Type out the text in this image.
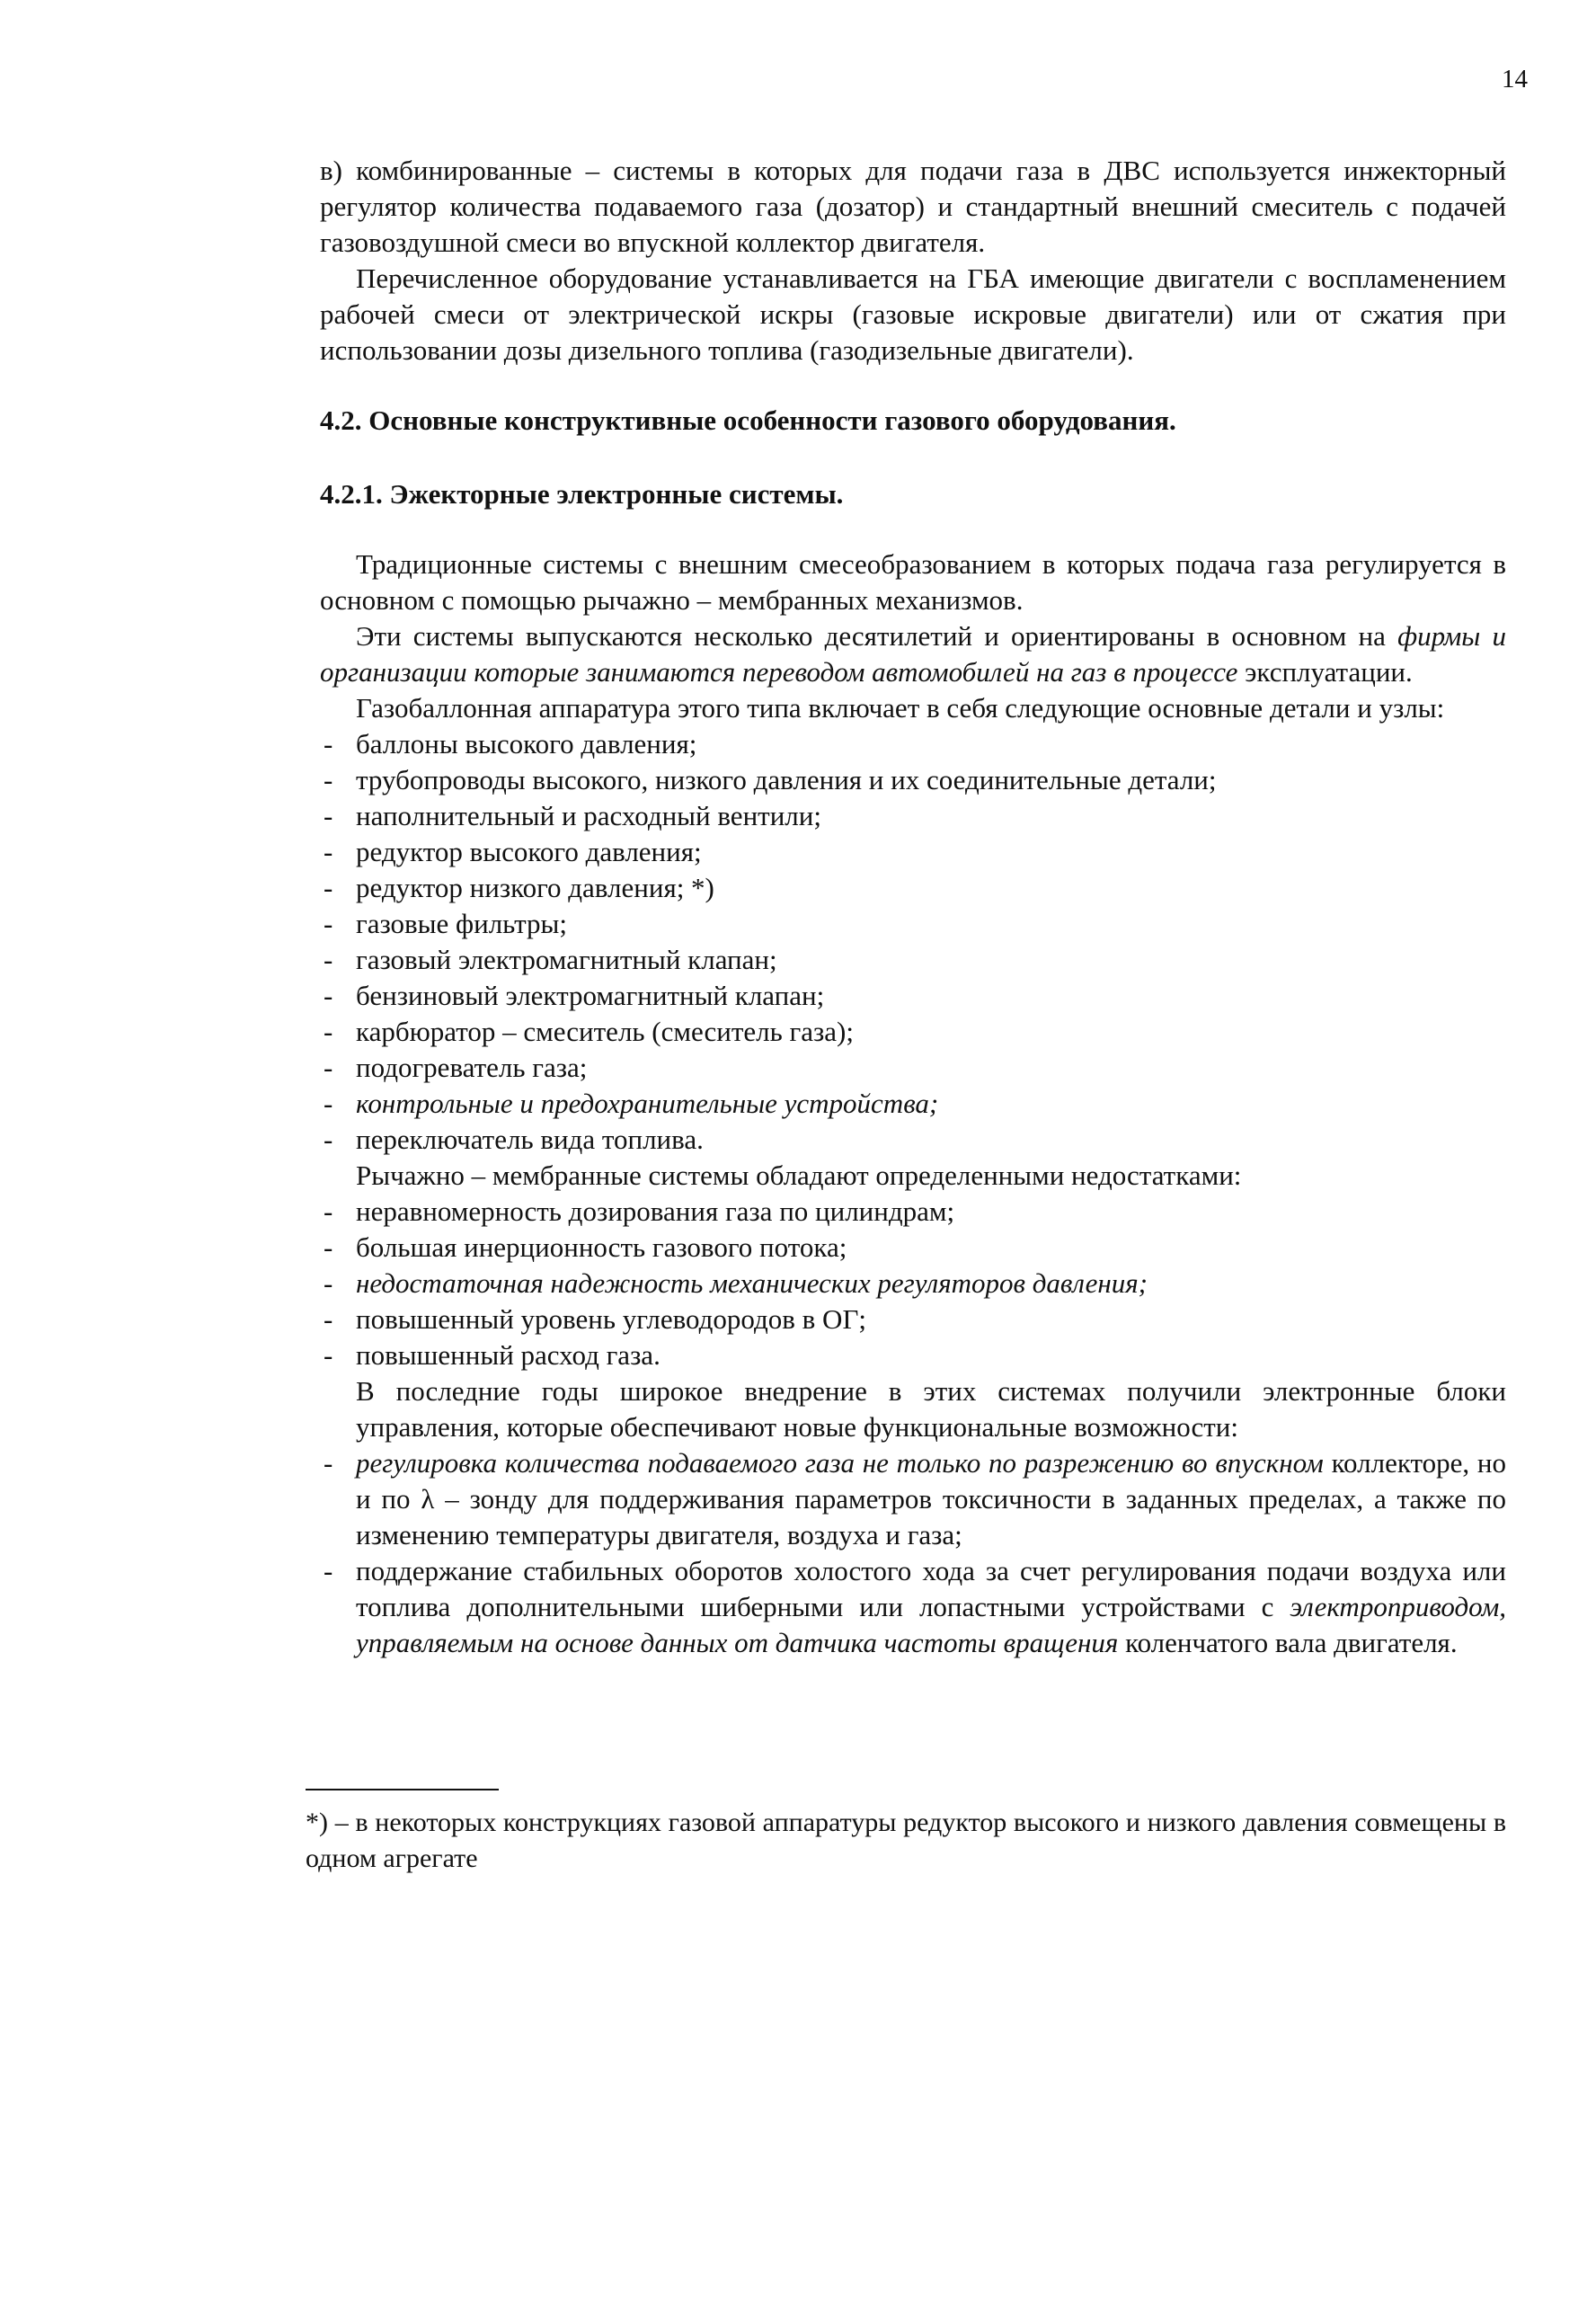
14

в) комбинированные – системы в которых для подачи газа в ДВС используется инжекторный регулятор количества подаваемого газа (дозатор) и стандартный внешний смеситель с подачей газовоздушной смеси во впускной коллектор двигателя.

Перечисленное оборудование устанавливается на ГБА имеющие двигатели с воспламенением рабочей смеси от электрической искры (газовые искровые двигатели) или от сжатия при использовании дозы дизельного топлива (газодизельные двигатели).

4.2. Основные конструктивные особенности газового оборудования.
4.2.1. Эжекторные электронные системы.

Традиционные системы с внешним смесеобразованием в которых подача газа регулируется в основном с помощью рычажно – мембранных механизмов.

Эти системы выпускаются несколько десятилетий и ориентированы в основном на фирмы и организации которые занимаются переводом автомобилей на газ в процессе эксплуатации.

Газобаллонная аппаратура этого типа включает в себя следующие основные детали и узлы:

- баллоны высокого давления;
- трубопроводы высокого, низкого давления и их соединительные детали;
- наполнительный и расходный вентили;
- редуктор высокого давления;
- редуктор низкого давления; *)
- газовые фильтры;
- газовый электромагнитный клапан;
- бензиновый электромагнитный клапан;
- карбюратор – смеситель (смеситель газа);
- подогреватель газа;
- контрольные и предохранительные устройства;
- переключатель вида топлива.

Рычажно – мембранные системы обладают определенными недостатками:

- неравномерность дозирования газа по цилиндрам;
- большая инерционность газового потока;
- недостаточная надежность механических регуляторов давления;
- повышенный уровень углеводородов в ОГ;
- повышенный расход газа.

В последние годы широкое внедрение в этих системах получили электронные блоки управления, которые обеспечивают новые функциональные возможности:

- регулировка количества подаваемого газа не только по разрежению во впускном коллекторе, но и по λ – зонду для поддерживания параметров токсичности в заданных пределах, а также по изменению температуры двигателя, воздуха и газа;
- поддержание стабильных оборотов холостого хода за счет регулирования подачи воздуха или топлива дополнительными шиберными или лопастными устройствами с электроприводом, управляемым на основе данных от датчика частоты вращения коленчатого вала двигателя.

*) – в некоторых конструкциях газовой аппаратуры редуктор высокого и низкого давления совмещены в одном агрегате
